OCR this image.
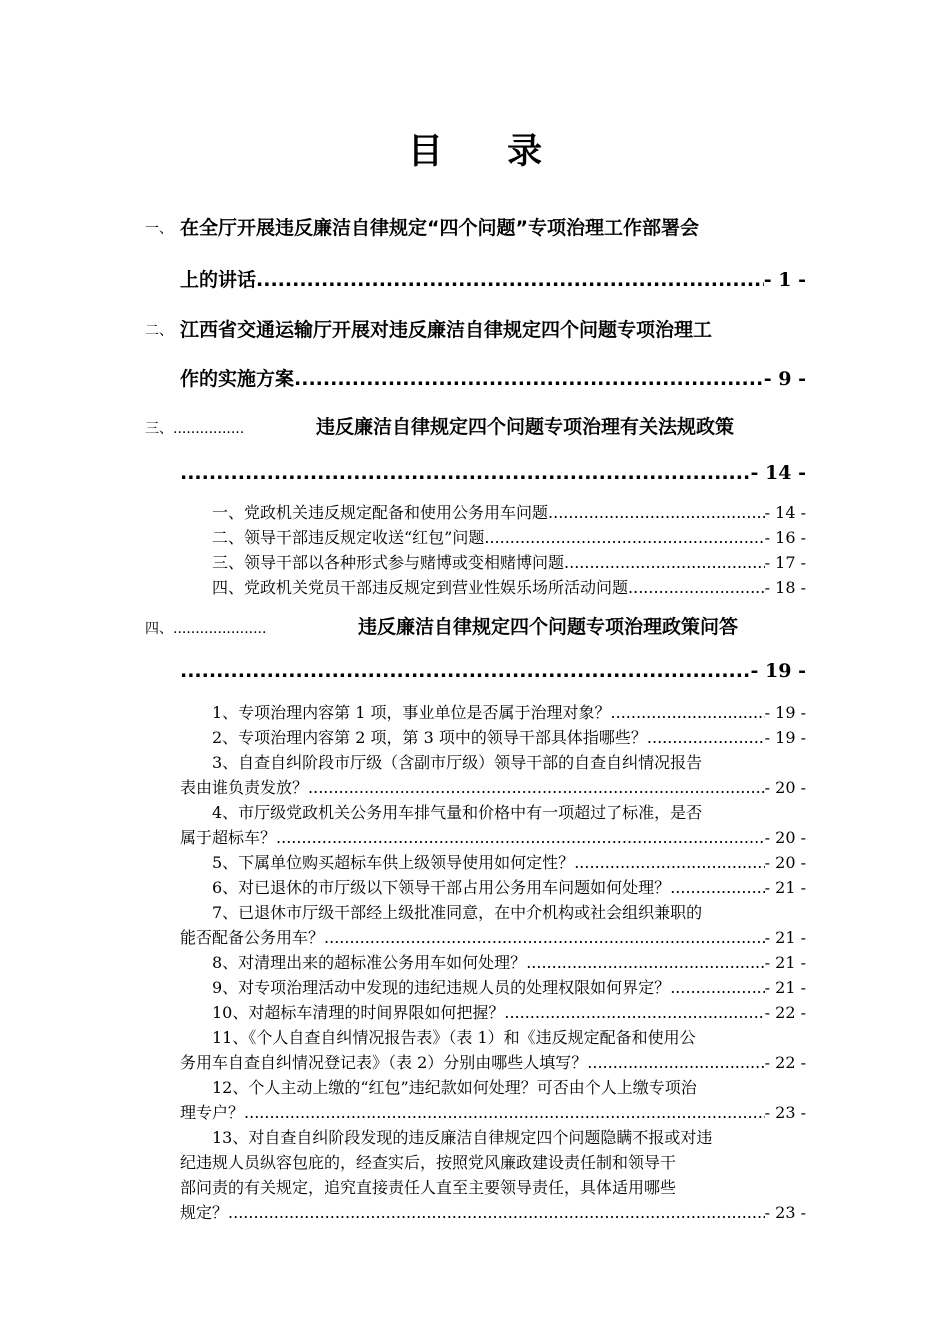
目 录
一、 在全厅开展违反廉洁自律规定“四个问题”专项治理工作部署会
上的讲话 .....	- 1 -
二、 江西省交通运输厅开展对违反廉洁自律规定四个问题专项治理工
作的实施方案 .....	- 9 -
三、................	违反廉洁自律规定四个问题专项治理有关法规政策
.....
- 14 -
一、党政机关违反规定配备和使用公务用车问题 .....	- 14 -
二、领导干部违反规定收送“红包”问题 .....	- 16 -
三、领导干部以各种形式参与赌博或变相赌博问题 .....	- 17 -
四、党政机关党员干部违反规定到营业性娱乐场所活动问题 .....	- 18 -
四、.....................	违反廉洁自律规定四个问题专项治理政策问答
.....
- 19 -
1、专项治理内容第 1 项，事业单位是否属于治理对象？ .....	- 19 -
2、专项治理内容第 2 项，第 3 项中的领导干部具体指哪些？ .....	- 19 -
3、自查自纠阶段市厅级（含副市厅级）领导干部的自查自纠情况报告
表由谁负责发放？ .....	- 20 -
4、市厅级党政机关公务用车排气量和价格中有一项超过了标准，是否
属于超标车？ .....	- 20 -
5、下属单位购买超标车供上级领导使用如何定性？ .....	- 20 -
6、对已退休的市厅级以下领导干部占用公务用车问题如何处理？ .....	- 21 -
7、已退休市厅级干部经上级批准同意，在中介机构或社会组织兼职的
能否配备公务用车？ .....	- 21 -
8、对清理出来的超标准公务用车如何处理？ .....	- 21 -
9、对专项治理活动中发现的违纪违规人员的处理权限如何界定？ .....	- 21 -
10、对超标车清理的时间界限如何把握？ .....	- 22 -
11、《个人自查自纠情况报告表》（表 1）和《违反规定配备和使用公
务用车自查自纠情况登记表》（表 2）分别由哪些人填写？ .....	- 22 -
12、个人主动上缴的“红包”违纪款如何处理？可否由个人上缴专项治
理专户？ .....	- 23 -
13、对自查自纠阶段发现的违反廉洁自律规定四个问题隐瞒不报或对违
纪违规人员纵容包庇的，经查实后，按照党风廉政建设责任制和领导干
部问责的有关规定，追究直接责任人直至主要领导责任，具体适用哪些
规定？ .....	- 23 -
